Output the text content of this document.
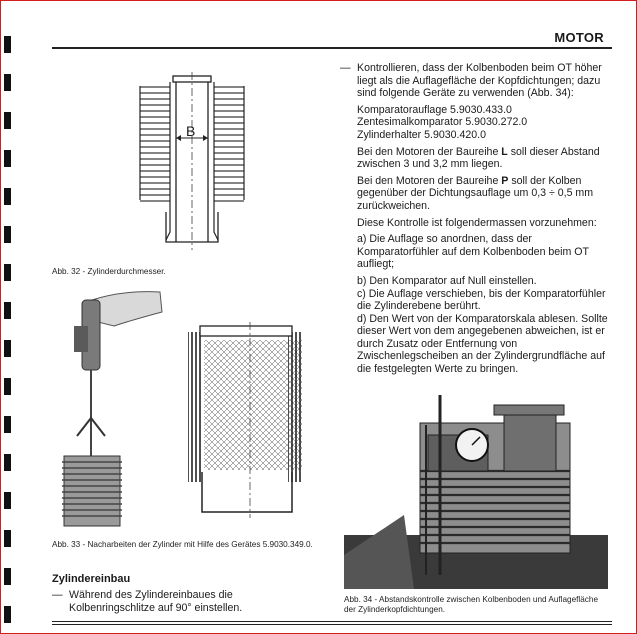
MOTOR
B
Abb. 32 - Zylinderdurchmesser.
Abb. 33 - Nacharbeiten der Zylinder mit Hilfe des Gerätes 5.9030.349.0.
Zylindereinbau
— Während des Zylindereinbaues die Kolbenringschlitze auf 90° einstellen.

— Kontrollieren, dass der Kolbenboden beim OT höher liegt als die Auflagefläche der Kopfdichtungen; dazu sind folgende Geräte zu verwenden (Abb. 34):

Komparatorauflage 5.9030.433.0

Zentesimalkomparator 5.9030.272.0

Zylinderhalter 5.9030.420.0

Bei den Motoren der Baureihe L soll dieser Abstand zwischen 3 und 3,2 mm liegen.

Bei den Motoren der Baureihe P soll der Kolben gegenüber der Dichtungsauflage um 0,3 ÷ 0,5 mm zurückweichen.

Diese Kontrolle ist folgendermassen vorzunehmen:

a) Die Auflage so anordnen, dass der Komparatorfühler auf dem Kolbenboden beim OT aufliegt;

b) Den Komparator auf Null einstellen.

c) Die Auflage verschieben, bis der Komparatorfühler die Zylinderebene berührt.

d) Den Wert von der Komparatorskala ablesen. Sollte dieser Wert von dem angegebenen abweichen, ist er durch Zusatz oder Entfernung von Zwischenlegscheiben an der Zylindergrundfläche auf die festgelegten Werte zu bringen.

Abb. 34 - Abstandskontrolle zwischen Kolbenboden und Auflagefläche der Zylinderkopfdichtungen.
